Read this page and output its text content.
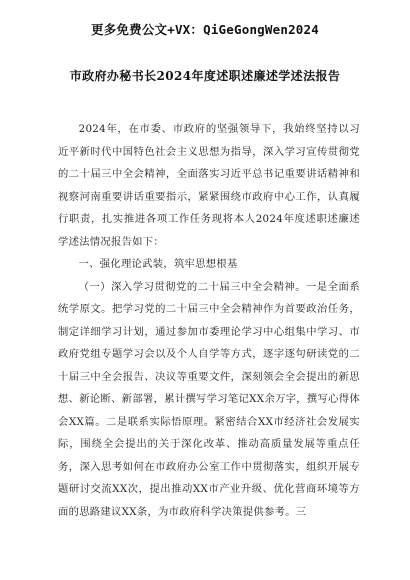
更多免费公文+VX：QiGeGongWen2024
市政府办秘书长2024年度述职述廉述学述法报告

2024年，在市委、市政府的坚强领导下，我始终坚持以习近平新时代中国特色社会主义思想为指导，深入学习宣传贯彻党的二十届三中全会精神，全面落实习近平总书记重要讲话精神和视察河南重要讲话重要指示，紧紧围绕市政府中心工作，认真履行职责，扎实推进各项工作任务现将本人2024年度述职述廉述学述法情况报告如下：

一、强化理论武装，筑牢思想根基

（一）深入学习贯彻党的二十届三中全会精神。一是全面系统学原文。把学习党的二十届三中全会精神作为首要政治任务，制定详细学习计划，通过参加市委理论学习中心组集中学习、市政府党组专题学习会以及个人自学等方式，逐字逐句研读党的二十届三中全会报告、决议等重要文件，深刻领会全会提出的新思想、新论断、新部署，累计撰写学习笔记XX余万字，撰写心得体会XX篇。二是联系实际悟原理。紧密结合XX市经济社会发展实际，围绕全会提出的关于深化改革、推动高质量发展等重点任务，深入思考如何在市政府办公室工作中贯彻落实，组织开展专题研讨交流XX次，提出推动XX市产业升级、优化营商环境等方面的思路建议XX条，为市政府科学决策提供参考。三
